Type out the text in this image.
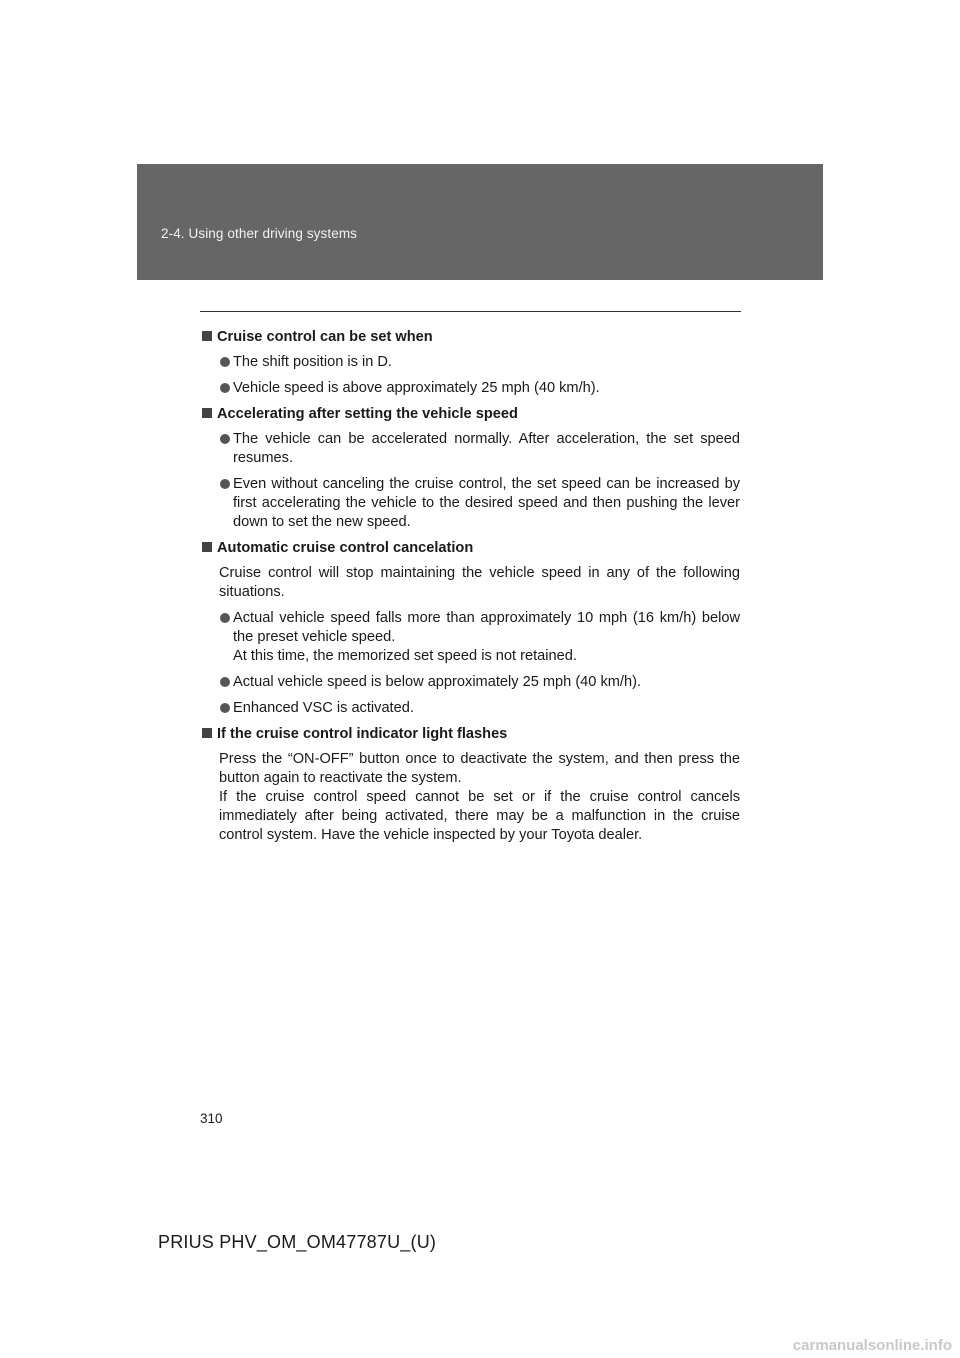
2-4. Using other driving systems
Cruise control can be set when
The shift position is in D.
Vehicle speed is above approximately 25 mph (40 km/h).
Accelerating after setting the vehicle speed
The vehicle can be accelerated normally. After acceleration, the set speed resumes.
Even without canceling the cruise control, the set speed can be increased by first accelerating the vehicle to the desired speed and then pushing the lever down to set the new speed.
Automatic cruise control cancelation
Cruise control will stop maintaining the vehicle speed in any of the following situations.
Actual vehicle speed falls more than approximately 10 mph (16 km/h) below the preset vehicle speed.
At this time, the memorized set speed is not retained.
Actual vehicle speed is below approximately 25 mph (40 km/h).
Enhanced VSC is activated.
If the cruise control indicator light flashes
Press the “ON-OFF” button once to deactivate the system, and then press the button again to reactivate the system.
If the cruise control speed cannot be set or if the cruise control cancels immediately after being activated, there may be a malfunction in the cruise control system. Have the vehicle inspected by your Toyota dealer.
310
PRIUS PHV_OM_OM47787U_(U)
carmanualsonline.info
